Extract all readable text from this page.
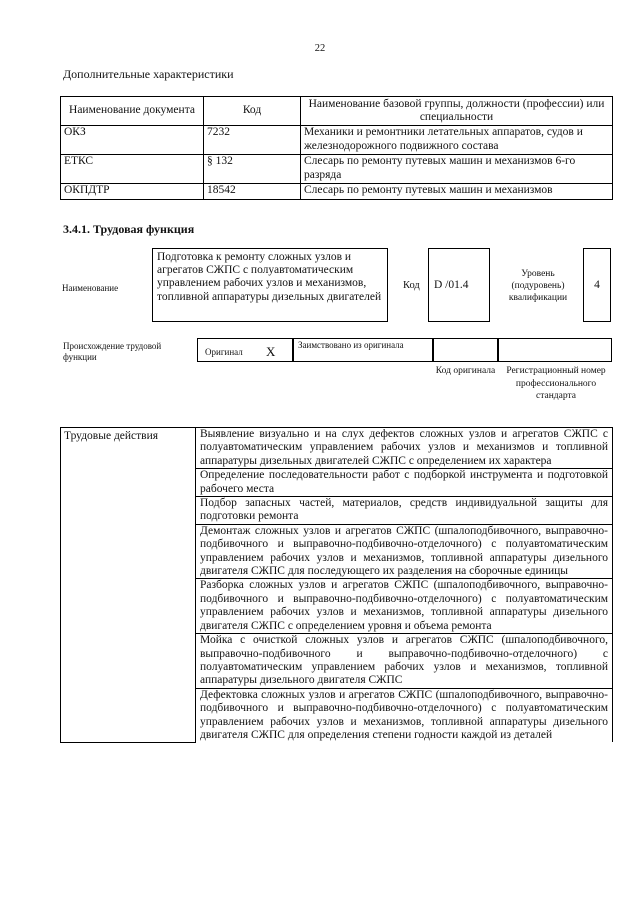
22
Дополнительные характеристики
Наименование документа	Код	Наименование базовой группы, должности (профессии) или специальности
ОКЗ	7232	Механики и ремонтники летательных аппаратов, судов и железнодорожного подвижного состава
ЕТКС	§ 132	Слесарь по ремонту путевых машин и механизмов 6-го разряда
ОКПДТР	18542	Слесарь по ремонту путевых машин и механизмов
3.4.1. Трудовая функция
Наименование
Подготовка к ремонту сложных узлов и агрегатов СЖПС с полуавтоматическим управлением рабочих узлов и механизмов, топливной аппаратуры дизельных двигателей
Код	D /01.4
Уровень (подуровень) квалификации
4
Происхождение трудовой функции	Оригинал X	Заимствовано из оригинала
Код оригинала Регистрационный номер профессионального стандарта
Трудовые действия	Выявление визуально и на слух дефектов сложных узлов и агрегатов СЖПС с полуавтоматическим управлением рабочих узлов и механизмов и топливной аппаратуры дизельных двигателей СЖПС с определением их характера
Определение последовательности работ с подборкой инструмента и подготовкой рабочего места
Подбор запасных частей, материалов, средств индивидуальной защиты для подготовки ремонта
Демонтаж сложных узлов и агрегатов СЖПС (шпалоподбивочного, выправочно-подбивочного и выправочно-подбивочно-отделочного) с полуавтоматическим управлением рабочих узлов и механизмов, топливной аппаратуры дизельного двигателя СЖПС для последующего их разделения на сборочные единицы
Разборка сложных узлов и агрегатов СЖПС (шпалоподбивочного, выправочно-подбивочного и выправочно-подбивочно-отделочного) с полуавтоматическим управлением рабочих узлов и механизмов, топливной аппаратуры дизельного двигателя СЖПС с определением уровня и объема ремонта
Мойка с очисткой сложных узлов и агрегатов СЖПС (шпалоподбивочного, выправочно-подбивочного и выправочно-подбивочно-отделочного) с полуавтоматическим управлением рабочих узлов и механизмов, топливной аппаратуры дизельного двигателя СЖПС
Дефектовка сложных узлов и агрегатов СЖПС (шпалоподбивочного, выправочно-подбивочного и выправочно-подбивочно-отделочного) с полуавтоматическим управлением рабочих узлов и механизмов, топливной аппаратуры дизельного двигателя СЖПС для определения степени годности каждой из деталей
